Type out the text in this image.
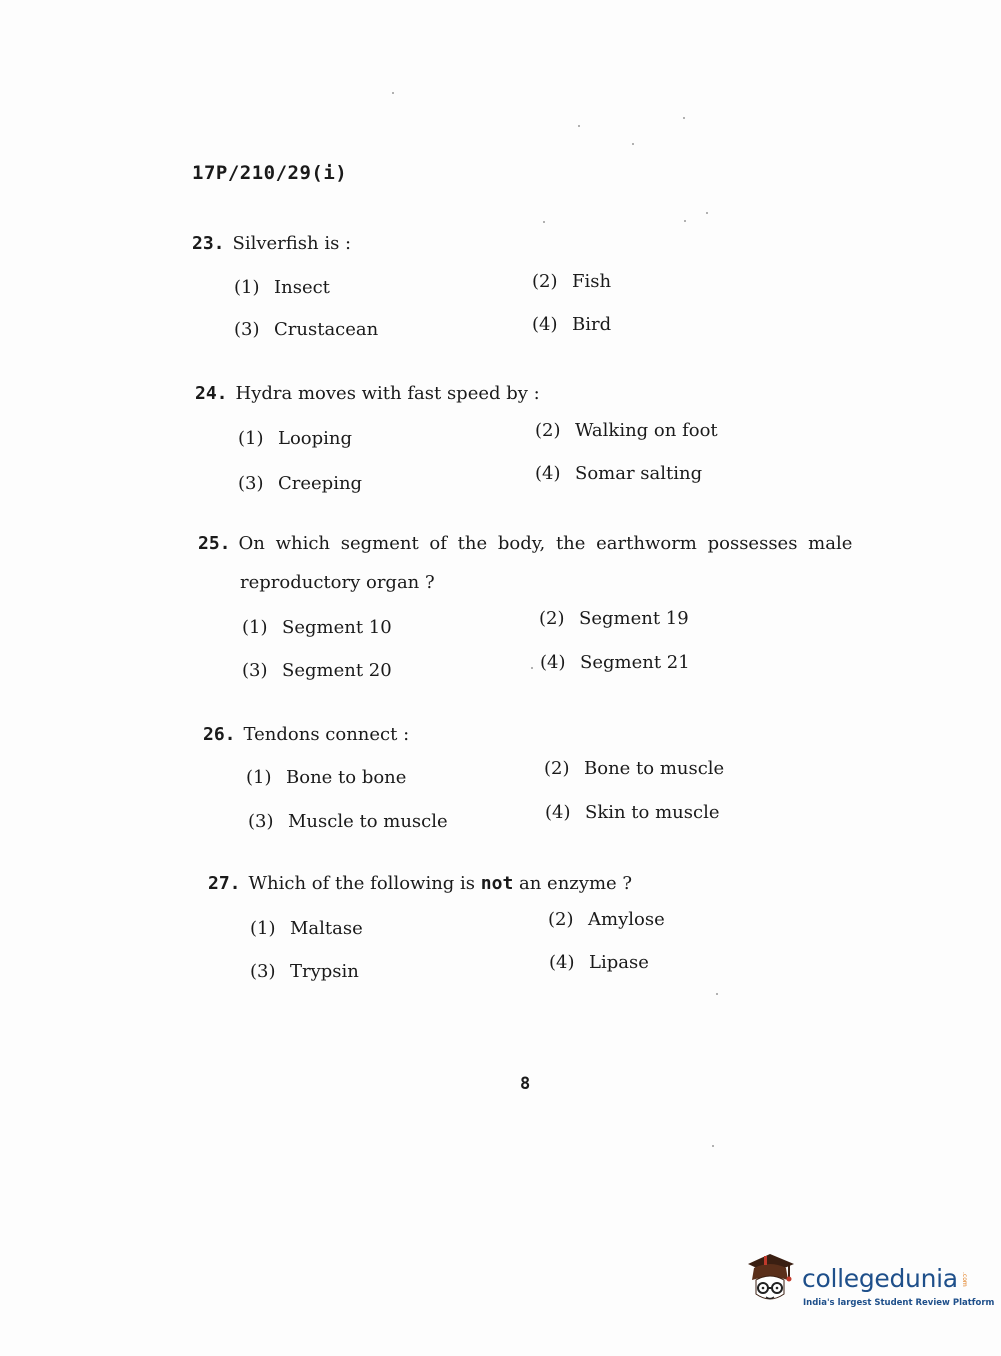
17P/210/29(i)
23. Silverfish is :
(1) Insect	(2) Fish
(3) Crustacean	(4) Bird
24. Hydra moves with fast speed by :
(1) Looping	(2) Walking on foot
(3) Creeping	(4) Somar salting
25. On which segment of the body, the earthworm possesses male
reproductory organ ?
(1) Segment 10	(2) Segment 19
(3) Segment 20	(4) Segment 21
26. Tendons connect :
(1) Bone to bone	(2) Bone to muscle
(3) Muscle to muscle	(4) Skin to muscle
27. Which of the following is not an enzyme ?
(1) Maltase	(2) Amylose
(3) Trypsin	(4) Lipase
8
collegedunia .com
India's largest Student Review Platform
